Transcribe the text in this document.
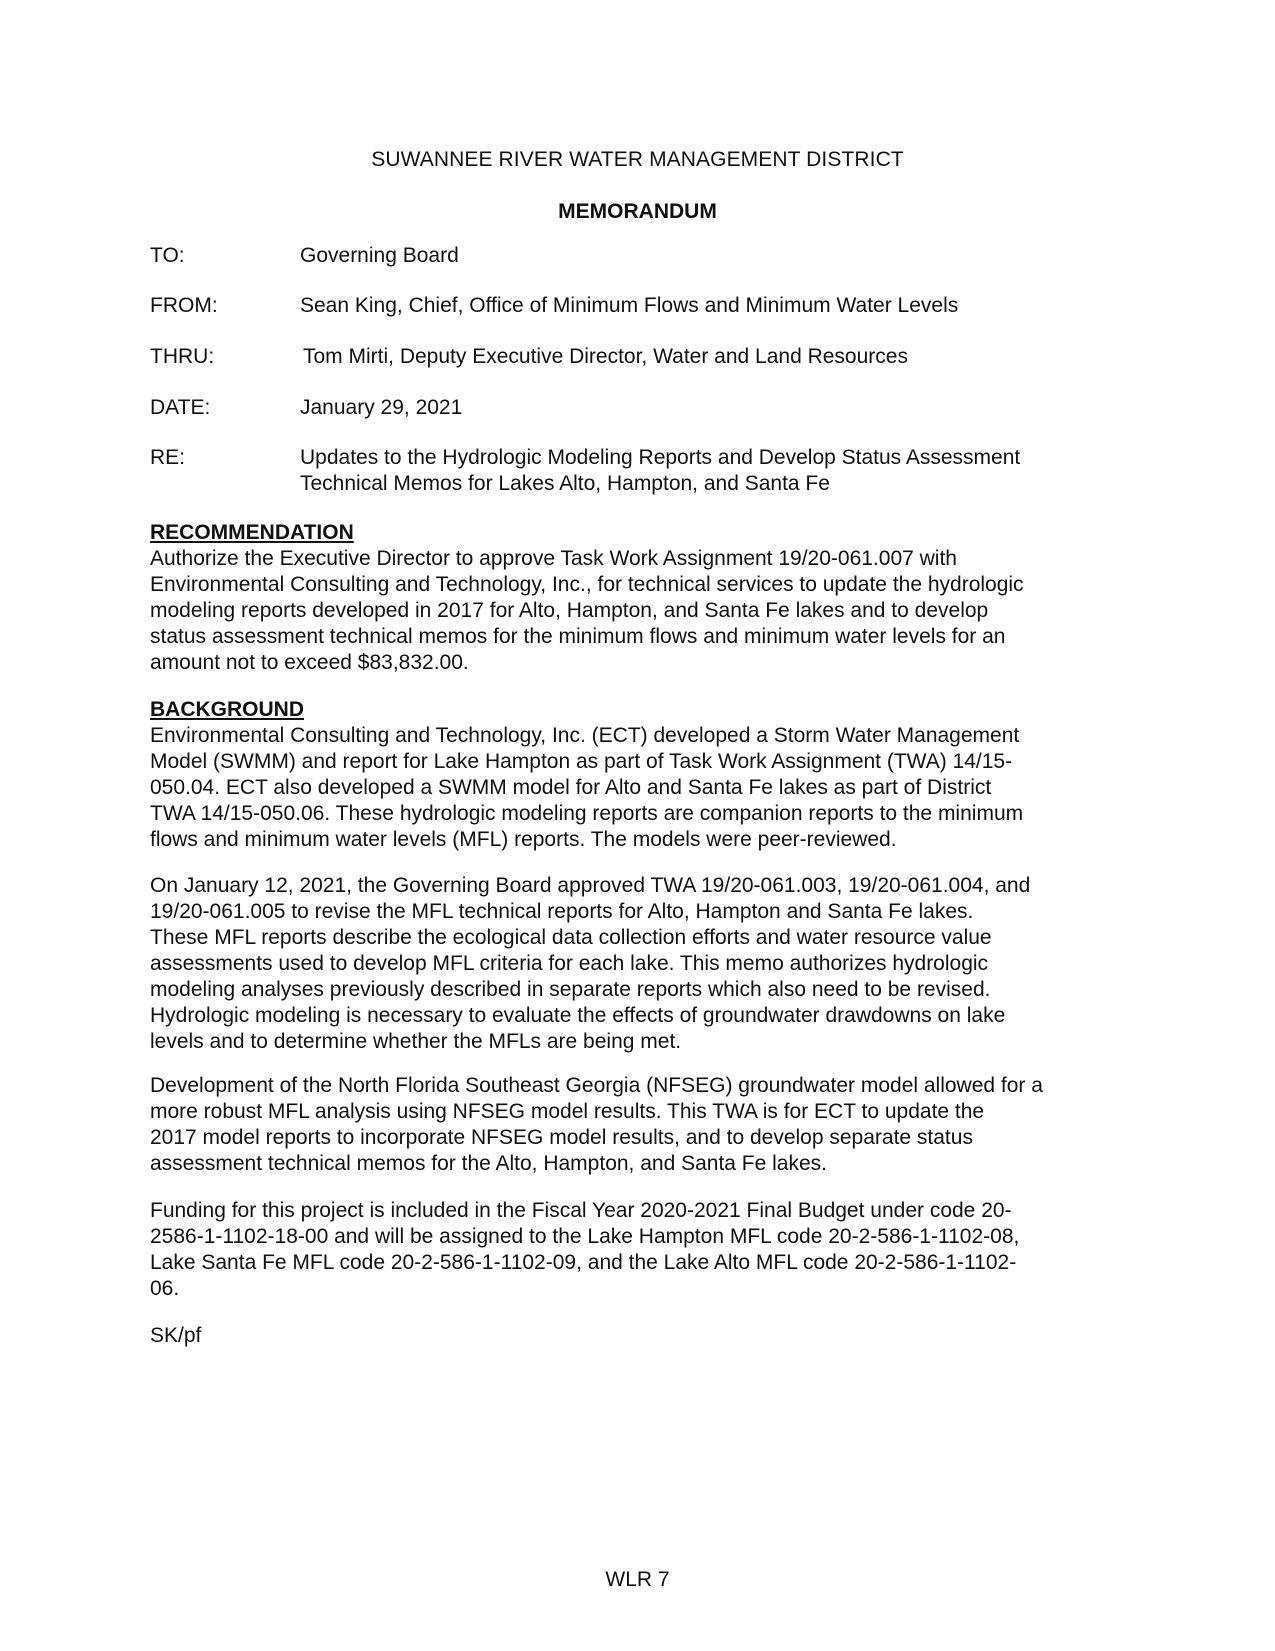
SUWANNEE RIVER WATER MANAGEMENT DISTRICT
MEMORANDUM
TO:	Governing Board
FROM:	Sean King, Chief, Office of Minimum Flows and Minimum Water Levels
THRU:	Tom Mirti, Deputy Executive Director, Water and Land Resources
DATE:	January 29, 2021
RE:	Updates to the Hydrologic Modeling Reports and Develop Status Assessment
Technical Memos for Lakes Alto, Hampton, and Santa Fe
RECOMMENDATION
Authorize the Executive Director to approve Task Work Assignment 19/20-061.007 with
Environmental Consulting and Technology, Inc., for technical services to update the hydrologic
modeling reports developed in 2017 for Alto, Hampton, and Santa Fe lakes and to develop
status assessment technical memos for the minimum flows and minimum water levels for an
amount not to exceed $83,832.00.
BACKGROUND
Environmental Consulting and Technology, Inc. (ECT) developed a Storm Water Management
Model (SWMM) and report for Lake Hampton as part of Task Work Assignment (TWA) 14/15-
050.04. ECT also developed a SWMM model for Alto and Santa Fe lakes as part of District
TWA 14/15-050.06. These hydrologic modeling reports are companion reports to the minimum
flows and minimum water levels (MFL) reports. The models were peer-reviewed.
On January 12, 2021, the Governing Board approved TWA 19/20-061.003, 19/20-061.004, and
19/20-061.005 to revise the MFL technical reports for Alto, Hampton and Santa Fe lakes.
These MFL reports describe the ecological data collection efforts and water resource value
assessments used to develop MFL criteria for each lake. This memo authorizes hydrologic
modeling analyses previously described in separate reports which also need to be revised.
Hydrologic modeling is necessary to evaluate the effects of groundwater drawdowns on lake
levels and to determine whether the MFLs are being met.
Development of the North Florida Southeast Georgia (NFSEG) groundwater model allowed for a
more robust MFL analysis using NFSEG model results. This TWA is for ECT to update the
2017 model reports to incorporate NFSEG model results, and to develop separate status
assessment technical memos for the Alto, Hampton, and Santa Fe lakes.
Funding for this project is included in the Fiscal Year 2020-2021 Final Budget under code 20-
2586-1-1102-18-00 and will be assigned to the Lake Hampton MFL code 20-2-586-1-1102-08,
Lake Santa Fe MFL code 20-2-586-1-1102-09, and the Lake Alto MFL code 20-2-586-1-1102-
06.
SK/pf
WLR 7
